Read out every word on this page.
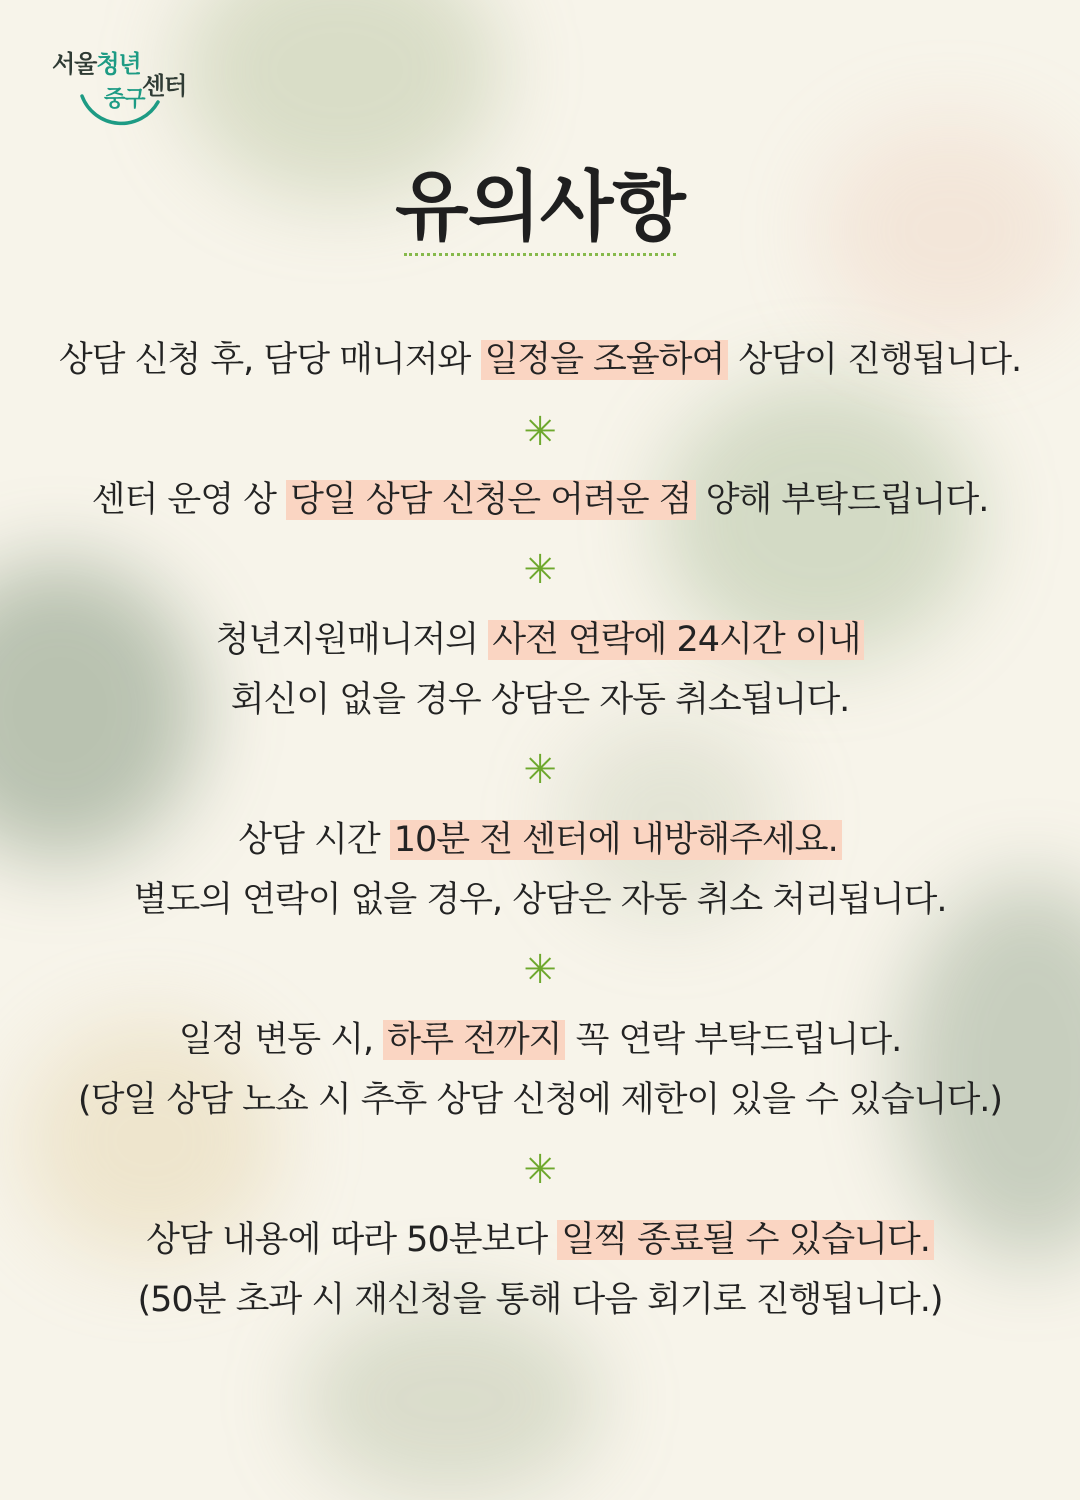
서울청년
센터
중구
유의사항
상담 신청 후, 담당 매니저와 일정을 조율하여 상담이 진행됩니다.
✳
센터 운영 상 당일 상담 신청은 어려운 점 양해 부탁드립니다.
✳
청년지원매니저의 사전 연락에 24시간 이내
회신이 없을 경우 상담은 자동 취소됩니다.
✳
상담 시간 10분 전 센터에 내방해주세요.
별도의 연락이 없을 경우, 상담은 자동 취소 처리됩니다.
✳
일정 변동 시, 하루 전까지 꼭 연락 부탁드립니다.
(당일 상담 노쇼 시 추후 상담 신청에 제한이 있을 수 있습니다.)
✳
상담 내용에 따라 50분보다 일찍 종료될 수 있습니다.
(50분 초과 시 재신청을 통해 다음 회기로 진행됩니다.)
